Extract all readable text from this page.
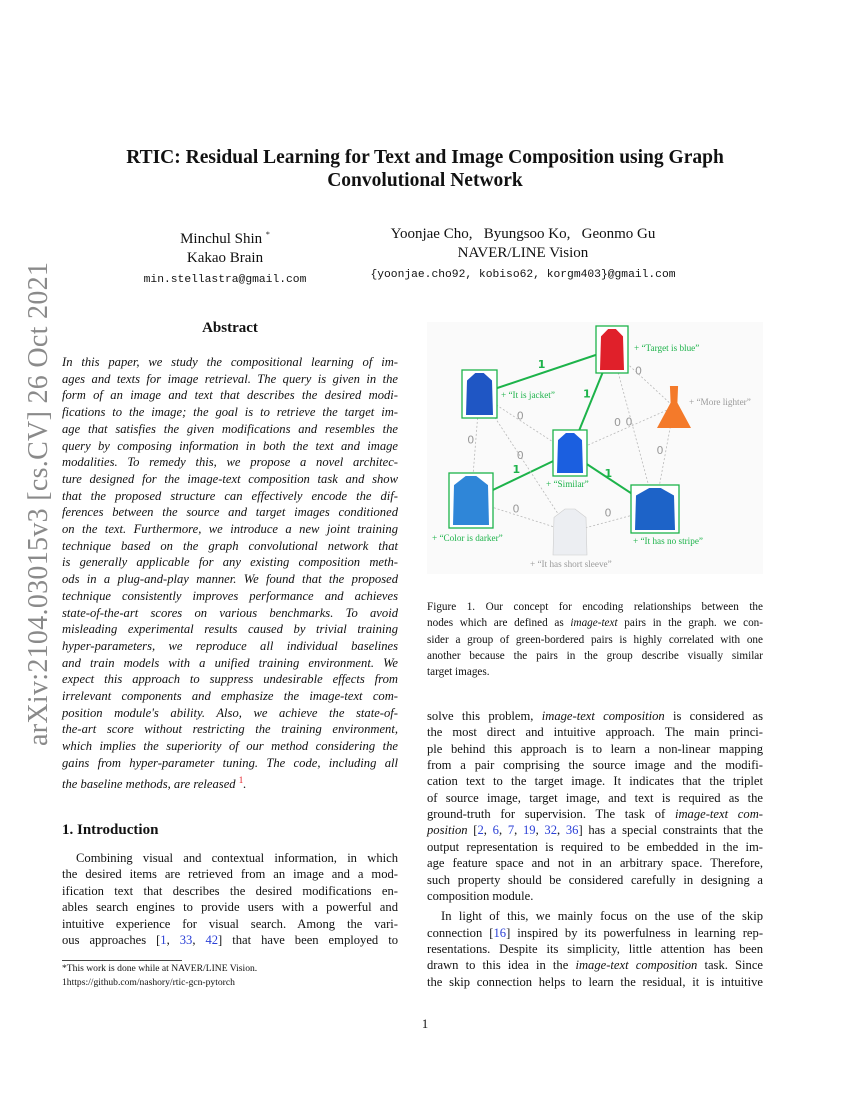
arXiv:2104.03015v3 [cs.CV] 26 Oct 2021
RTIC: Residual Learning for Text and Image Composition using Graph
Convolutional Network
Minchul Shin *
Kakao Brain
min.stellastra@gmail.com
Yoonjae Cho,   Byungsoo Ko,   Geonmo Gu
NAVER/LINE Vision
{yoonjae.cho92, kobiso62, korgm403}@gmail.com
Abstract
In this paper, we study the compositional learning of im-
ages and texts for image retrieval. The query is given in the
form of an image and text that describes the desired modi-
fications to the image; the goal is to retrieve the target im-
age that satisfies the given modifications and resembles the
query by composing information in both the text and image
modalities. To remedy this, we propose a novel architec-
ture designed for the image-text composition task and show
that the proposed structure can effectively encode the dif-
ferences between the source and target images conditioned
on the text. Furthermore, we introduce a new joint training
technique based on the graph convolutional network that
is generally applicable for any existing composition meth-
ods in a plug-and-play manner. We found that the proposed
technique consistently improves performance and achieves
state-of-the-art scores on various benchmarks. To avoid
misleading experimental results caused by trivial training
hyper-parameters, we reproduce all individual baselines
and train models with a unified training environment. We
expect this approach to suppress undesirable effects from
irrelevant components and emphasize the image-text com-
position module's ability. Also, we achieve the state-of-
the-art score without restricting the training environment,
which implies the superiority of our method considering the
gains from hyper-parameter tuning. The code, including all
the baseline methods, are released $^1$.
1. Introduction
Combining visual and contextual information, in which
the desired items are retrieved from an image and a mod-
ification text that describes the desired modifications en-
ables search engines to provide users with a powerful and
intuitive experience for visual search. Among the vari-
ous approaches [1, 33, 42] that have been employed to
*This work is done while at NAVER/LINE Vision.
1https://github.com/nashory/rtic-gcn-pytorch
1
1
1	1
0
0
0
0
0 0
0
0	0
+ “Target is blue”
+ “It is jacket”
+ “More lighter”
+ “Similar”
+ “Color is darker”
+ “It has short sleeve”
+ “It has no stripe”
Figure 1. Our concept for encoding relationships between the
nodes which are defined as image-text pairs in the graph. we con-
sider a group of green-bordered pairs is highly correlated with one
another because the pairs in the group describe visually similar
target images.
solve this problem, image-text composition is considered as
the most direct and intuitive approach. The main princi-
ple behind this approach is to learn a non-linear mapping
from a pair comprising the source image and the modifi-
cation text to the target image. It indicates that the triplet
of source image, target image, and text is required as the
ground-truth for supervision. The task of image-text com-
position [2, 6, 7, 19, 32, 36] has a special constraints that the
output representation is required to be embedded in the im-
age feature space and not in an arbitrary space. Therefore,
such property should be considered carefully in designing a
composition module.
In light of this, we mainly focus on the use of the skip
connection [16] inspired by its powerfulness in learning rep-
resentations. Despite its simplicity, little attention has been
drawn to this idea in the image-text composition task. Since
the skip connection helps to learn the residual, it is intuitive
1
